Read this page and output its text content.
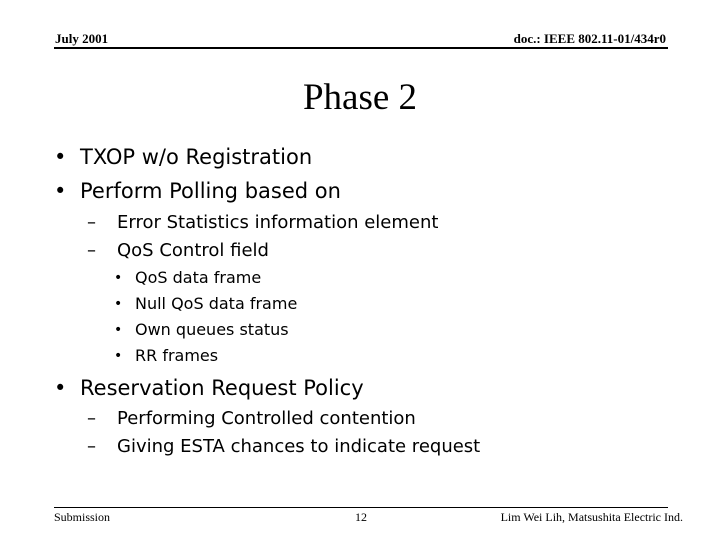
July 2001	doc.: IEEE 802.11-01/434r0
Phase 2
• TXOP w/o Registration
• Perform Polling based on
– Error Statistics information element
– QoS Control field
• QoS data frame
• Null QoS data frame
• Own queues status
• RR frames
• Reservation Request Policy
– Performing Controlled contention
– Giving ESTA chances to indicate request
Submission	12	Lim Wei Lih, Matsushita Electric Ind.
